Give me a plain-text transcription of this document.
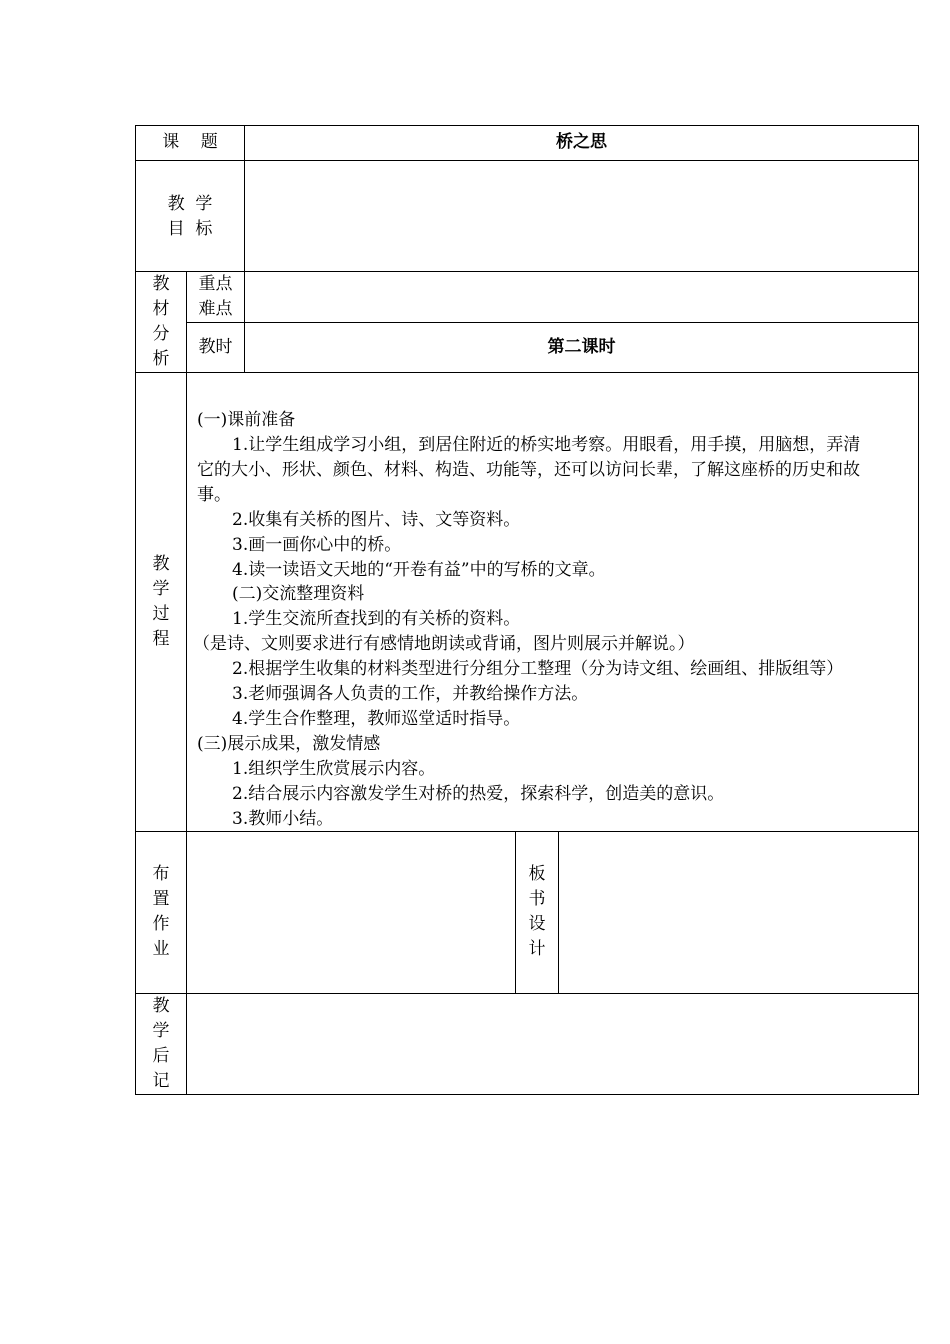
课    题	桥之思
教  学
目  标
教
材
分
析
重点
难点
教时	第二课时
教
学
过
程
(一)课前准备
1.让学生组成学习小组，到居住附近的桥实地考察。用眼看，用手摸，用脑想，弄清
它的大小、形状、颜色、材料、构造、功能等，还可以访问长辈，了解这座桥的历史和故
事。
2.收集有关桥的图片、诗、文等资料。
3.画一画你心中的桥。
4.读一读语文天地的“开卷有益”中的写桥的文章。
(二)交流整理资料
1.学生交流所查找到的有关桥的资料。
（是诗、文则要求进行有感情地朗读或背诵，图片则展示并解说。）
2.根据学生收集的材料类型进行分组分工整理（分为诗文组、绘画组、排版组等）
3.老师强调各人负责的工作，并教给操作方法。
4.学生合作整理，教师巡堂适时指导。
(三)展示成果，激发情感
1.组织学生欣赏展示内容。
2.结合展示内容激发学生对桥的热爱，探索科学，创造美的意识。
3.教师小结。
布
置
作
业
板
书
设
计
教
学
后
记
